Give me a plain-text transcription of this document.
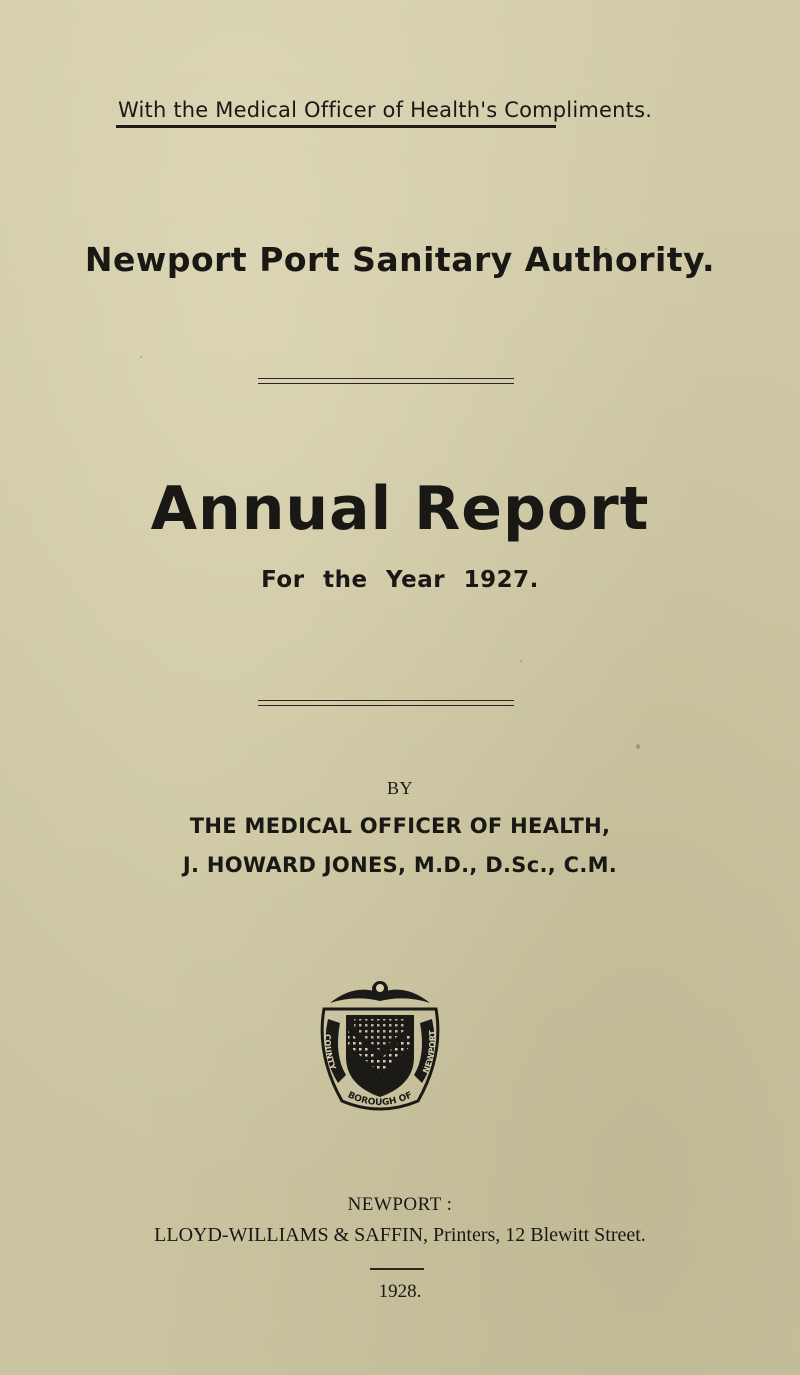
With the Medical Officer of Health's Compliments.
Newport Port Sanitary Authority.
Annual Report
For the Year 1927.
BY
THE MEDICAL OFFICER OF HEALTH,
J. HOWARD JONES, M.D., D.Sc., C.M.
BOROUGH OF
COUNTY	NEWPORT
NEWPORT :
LLOYD-WILLIAMS & SAFFIN, Printers, 12 Blewitt Street.
1928.
